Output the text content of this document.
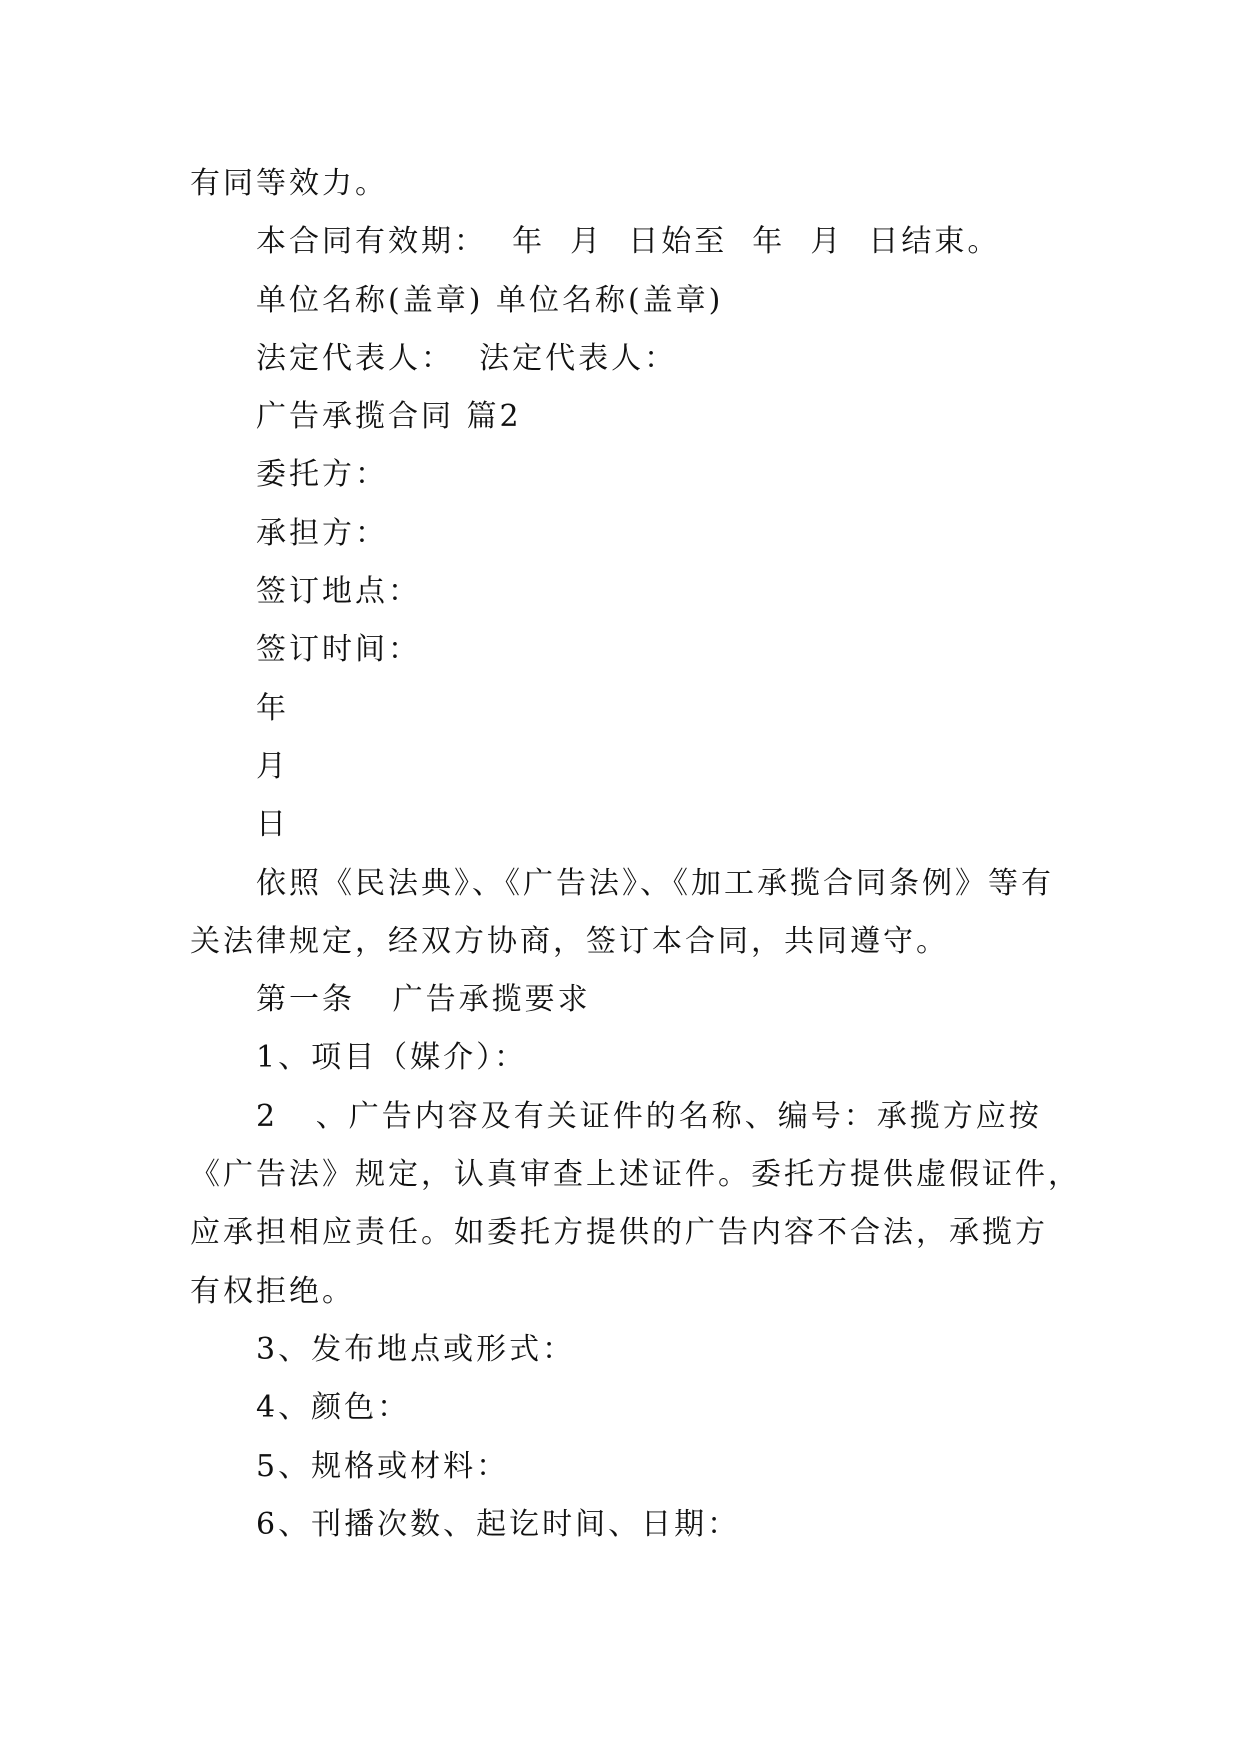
有同等效力。
本合同有效期：  年  月  日始至  年  月  日结束。
单位名称(盖章) 单位名称(盖章)
法定代表人：  法定代表人：
广告承揽合同 篇2
委托方：
承担方：
签订地点：
签订时间：
年
月
日
依照《民法典》、《广告法》、《加工承揽合同条例》等有
关法律规定，经双方协商，签订本合同，共同遵守。
第一条   广告承揽要求
1、项目（媒介）：
2   、广告内容及有关证件的名称、编号：承揽方应按
《广告法》规定，认真审查上述证件。委托方提供虚假证件，
应承担相应责任。如委托方提供的广告内容不合法，承揽方
有权拒绝。
3、发布地点或形式：
4、颜色：
5、规格或材料：
6、刊播次数、起讫时间、日期：
